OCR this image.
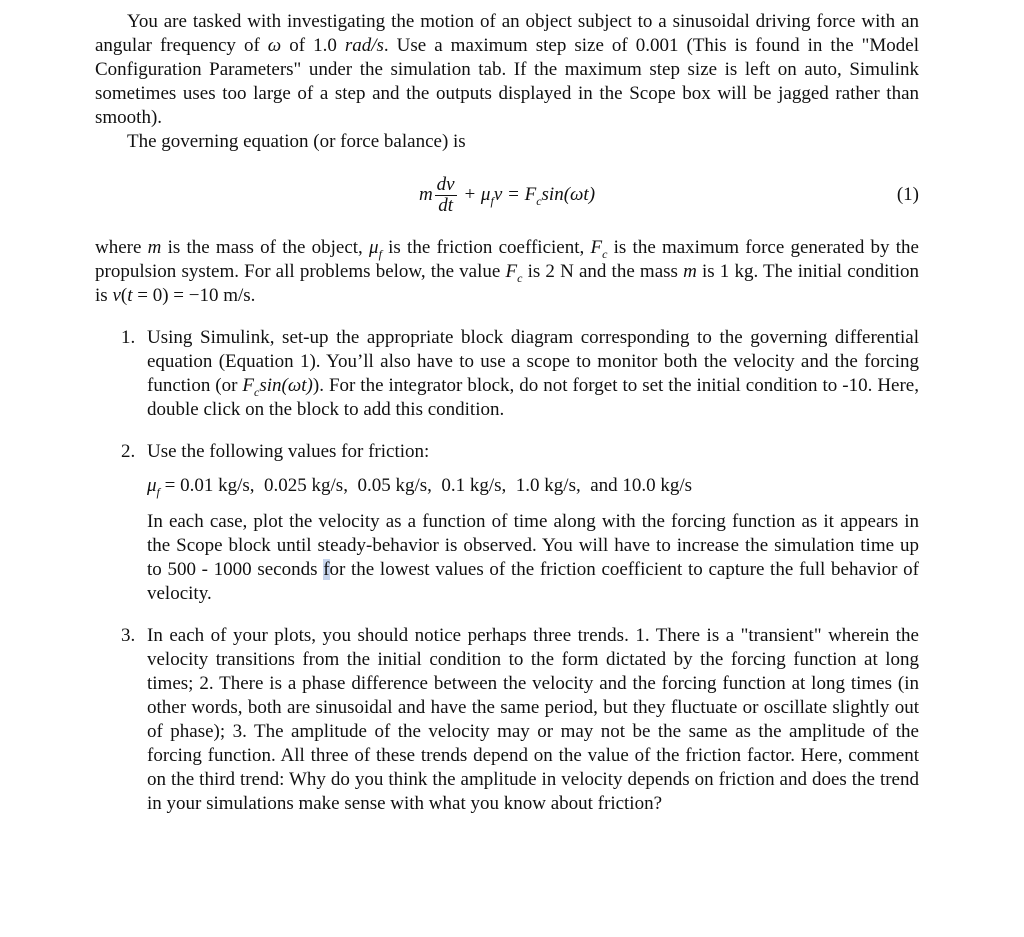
You are tasked with investigating the motion of an object subject to a sinusoidal driving force with an angular frequency of ω of 1.0 rad/s. Use a maximum step size of 0.001 (This is found in the "Model Configuration Parameters" under the simulation tab. If the maximum step size is left on auto, Simulink sometimes uses too large of a step and the outputs displayed in the Scope box will be jagged rather than smooth).

The governing equation (or force balance) is

m $\frac{dv}{dt} + \mu_fv = F_c\sin(\omega t)$	(1)

where m is the mass of the object, $\mu_f$ is the friction coefficient, $F_c$ is the maximum force generated by the propulsion system. For all problems below, the value $F_c$ is 2 N and the mass m is 1 kg. The initial condition is v(t = 0) = −10 m/s.

1. Using Simulink, set-up the appropriate block diagram corresponding to the governing differential equation (Equation 1). You’ll also have to use a scope to monitor both the velocity and the forcing function (or $F_c\sin(\omega t)$). For the integrator block, do not forget to set the initial condition to -10. Here, double click on the block to add this condition.

2. Use the following values for friction:

$\mu_f = 0.01$ kg/s,  0.025 kg/s,  0.05 kg/s,  0.1 kg/s,  1.0 kg/s,  and 10.0 kg/s

In each case, plot the velocity as a function of time along with the forcing function as it appears in the Scope block until steady-behavior is observed. You will have to increase the simulation time up to 500 - 1000 seconds for the lowest values of the friction coefficient to capture the full behavior of velocity.

3. In each of your plots, you should notice perhaps three trends. 1. There is a "transient" wherein the velocity transitions from the initial condition to the form dictated by the forcing function at long times; 2. There is a phase difference between the velocity and the forcing function at long times (in other words, both are sinusoidal and have the same period, but they fluctuate or oscillate slightly out of phase); 3. The amplitude of the velocity may or may not be the same as the amplitude of the forcing function. All three of these trends depend on the value of the friction factor. Here, comment on the third trend: Why do you think the amplitude in velocity depends on friction and does the trend in your simulations make sense with what you know about friction?
